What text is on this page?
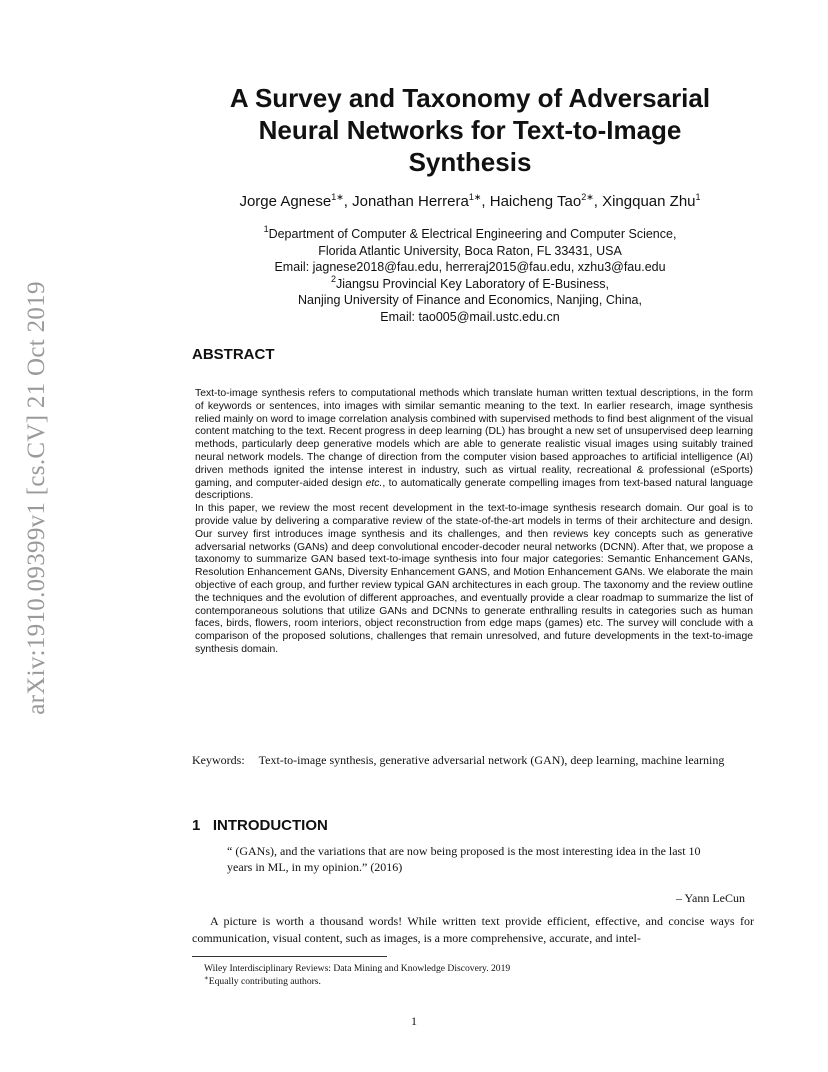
arXiv:1910.09399v1 [cs.CV] 21 Oct 2019
A Survey and Taxonomy of Adversarial
Neural Networks for Text-to-Image
Synthesis

Jorge Agnese$^{1∗}$, Jonathan Herrera$^{1∗}$, Haicheng Tao$^{2∗}$, Xingquan Zhu$^1$

$^1$Department of Computer & Electrical Engineering and Computer Science,
Florida Atlantic University, Boca Raton, FL 33431, USA
Email: jagnese2018@fau.edu, herreraj2015@fau.edu, xzhu3@fau.edu
$^2$Jiangsu Provincial Key Laboratory of E-Business,
Nanjing University of Finance and Economics, Nanjing, China,
Email: tao005@mail.ustc.edu.cn
ABSTRACT

Text-to-image synthesis refers to computational methods which translate human written textual descriptions, in the form of keywords or sentences, into images with similar semantic meaning to the text. In earlier research, image synthesis relied mainly on word to image correlation analysis combined with supervised methods to find best alignment of the visual content matching to the text. Recent progress in deep learning (DL) has brought a new set of unsupervised deep learning methods, particularly deep generative models which are able to generate realistic visual images using suitably trained neural network models. The change of direction from the computer vision based approaches to artificial intelligence (AI) driven methods ignited the intense interest in industry, such as virtual reality, recreational & professional (eSports) gaming, and computer-aided design etc., to automatically generate compelling images from text-based natural language descriptions.

In this paper, we review the most recent development in the text-to-image synthesis research domain. Our goal is to provide value by delivering a comparative review of the state-of-the-art models in terms of their architecture and design. Our survey first introduces image synthesis and its challenges, and then reviews key concepts such as generative adversarial networks (GANs) and deep convolutional encoder-decoder neural networks (DCNN). After that, we propose a taxonomy to summarize GAN based text-to-image synthesis into four major categories: Semantic Enhancement GANs, Resolution Enhancement GANs, Diversity Enhancement GANS, and Motion Enhancement GANs. We elaborate the main objective of each group, and further review typical GAN architectures in each group. The taxonomy and the review outline the techniques and the evolution of different approaches, and eventually provide a clear roadmap to summarize the list of contemporaneous solutions that utilize GANs and DCNNs to generate enthralling results in categories such as human faces, birds, flowers, room interiors, object reconstruction from edge maps (games) etc. The survey will conclude with a comparison of the proposed solutions, challenges that remain unresolved, and future developments in the text-to-image synthesis domain.

Keywords: Text-to-image synthesis, generative adversarial network (GAN), deep learning, machine learning

1   INTRODUCTION

“ (GANs), and the variations that are now being proposed is the most interesting idea in the last 10 years in ML, in my opinion.” (2016)

– Yann LeCun

A picture is worth a thousand words! While written text provide efficient, effective, and concise ways for communication, visual content, such as images, is a more comprehensive, accurate, and intel-

Wiley Interdisciplinary Reviews: Data Mining and Knowledge Discovery. 2019
∗Equally contributing authors.

1
